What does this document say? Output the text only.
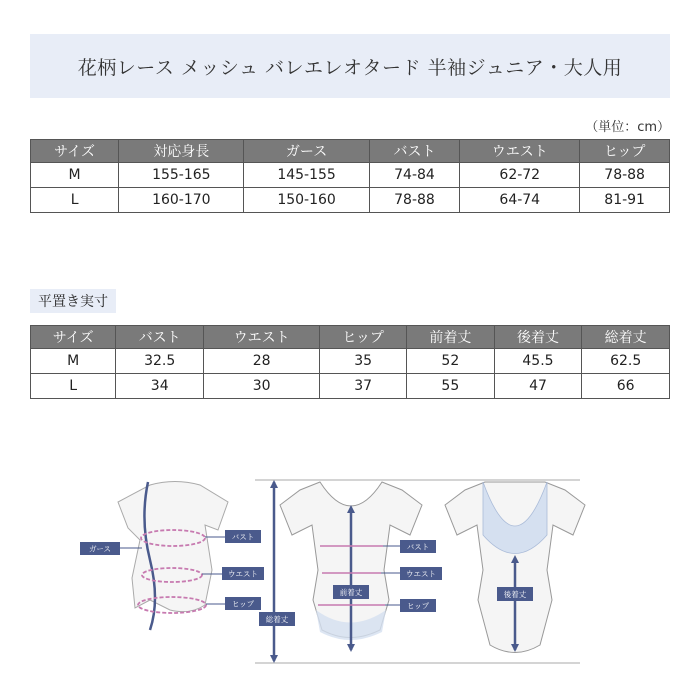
花柄レース メッシュ バレエレオタード 半袖ジュニア・大人用
（単位：cm）
サイズ	対応身長	ガース	バスト	ウエスト	ヒップ
M	155-165	145-155	74-84	62-72	78-88
L	160-170	150-160	78-88	64-74	81-91
平置き実寸
サイズ	バスト	ウエスト	ヒップ	前着丈	後着丈	総着丈
M	32.5	28	35	52	45.5	62.5
L	34	30	37	55	47	66
ガース
バスト
ウエスト
ヒップ
総着丈
前着丈
バスト
ウエスト
ヒップ
後着丈
